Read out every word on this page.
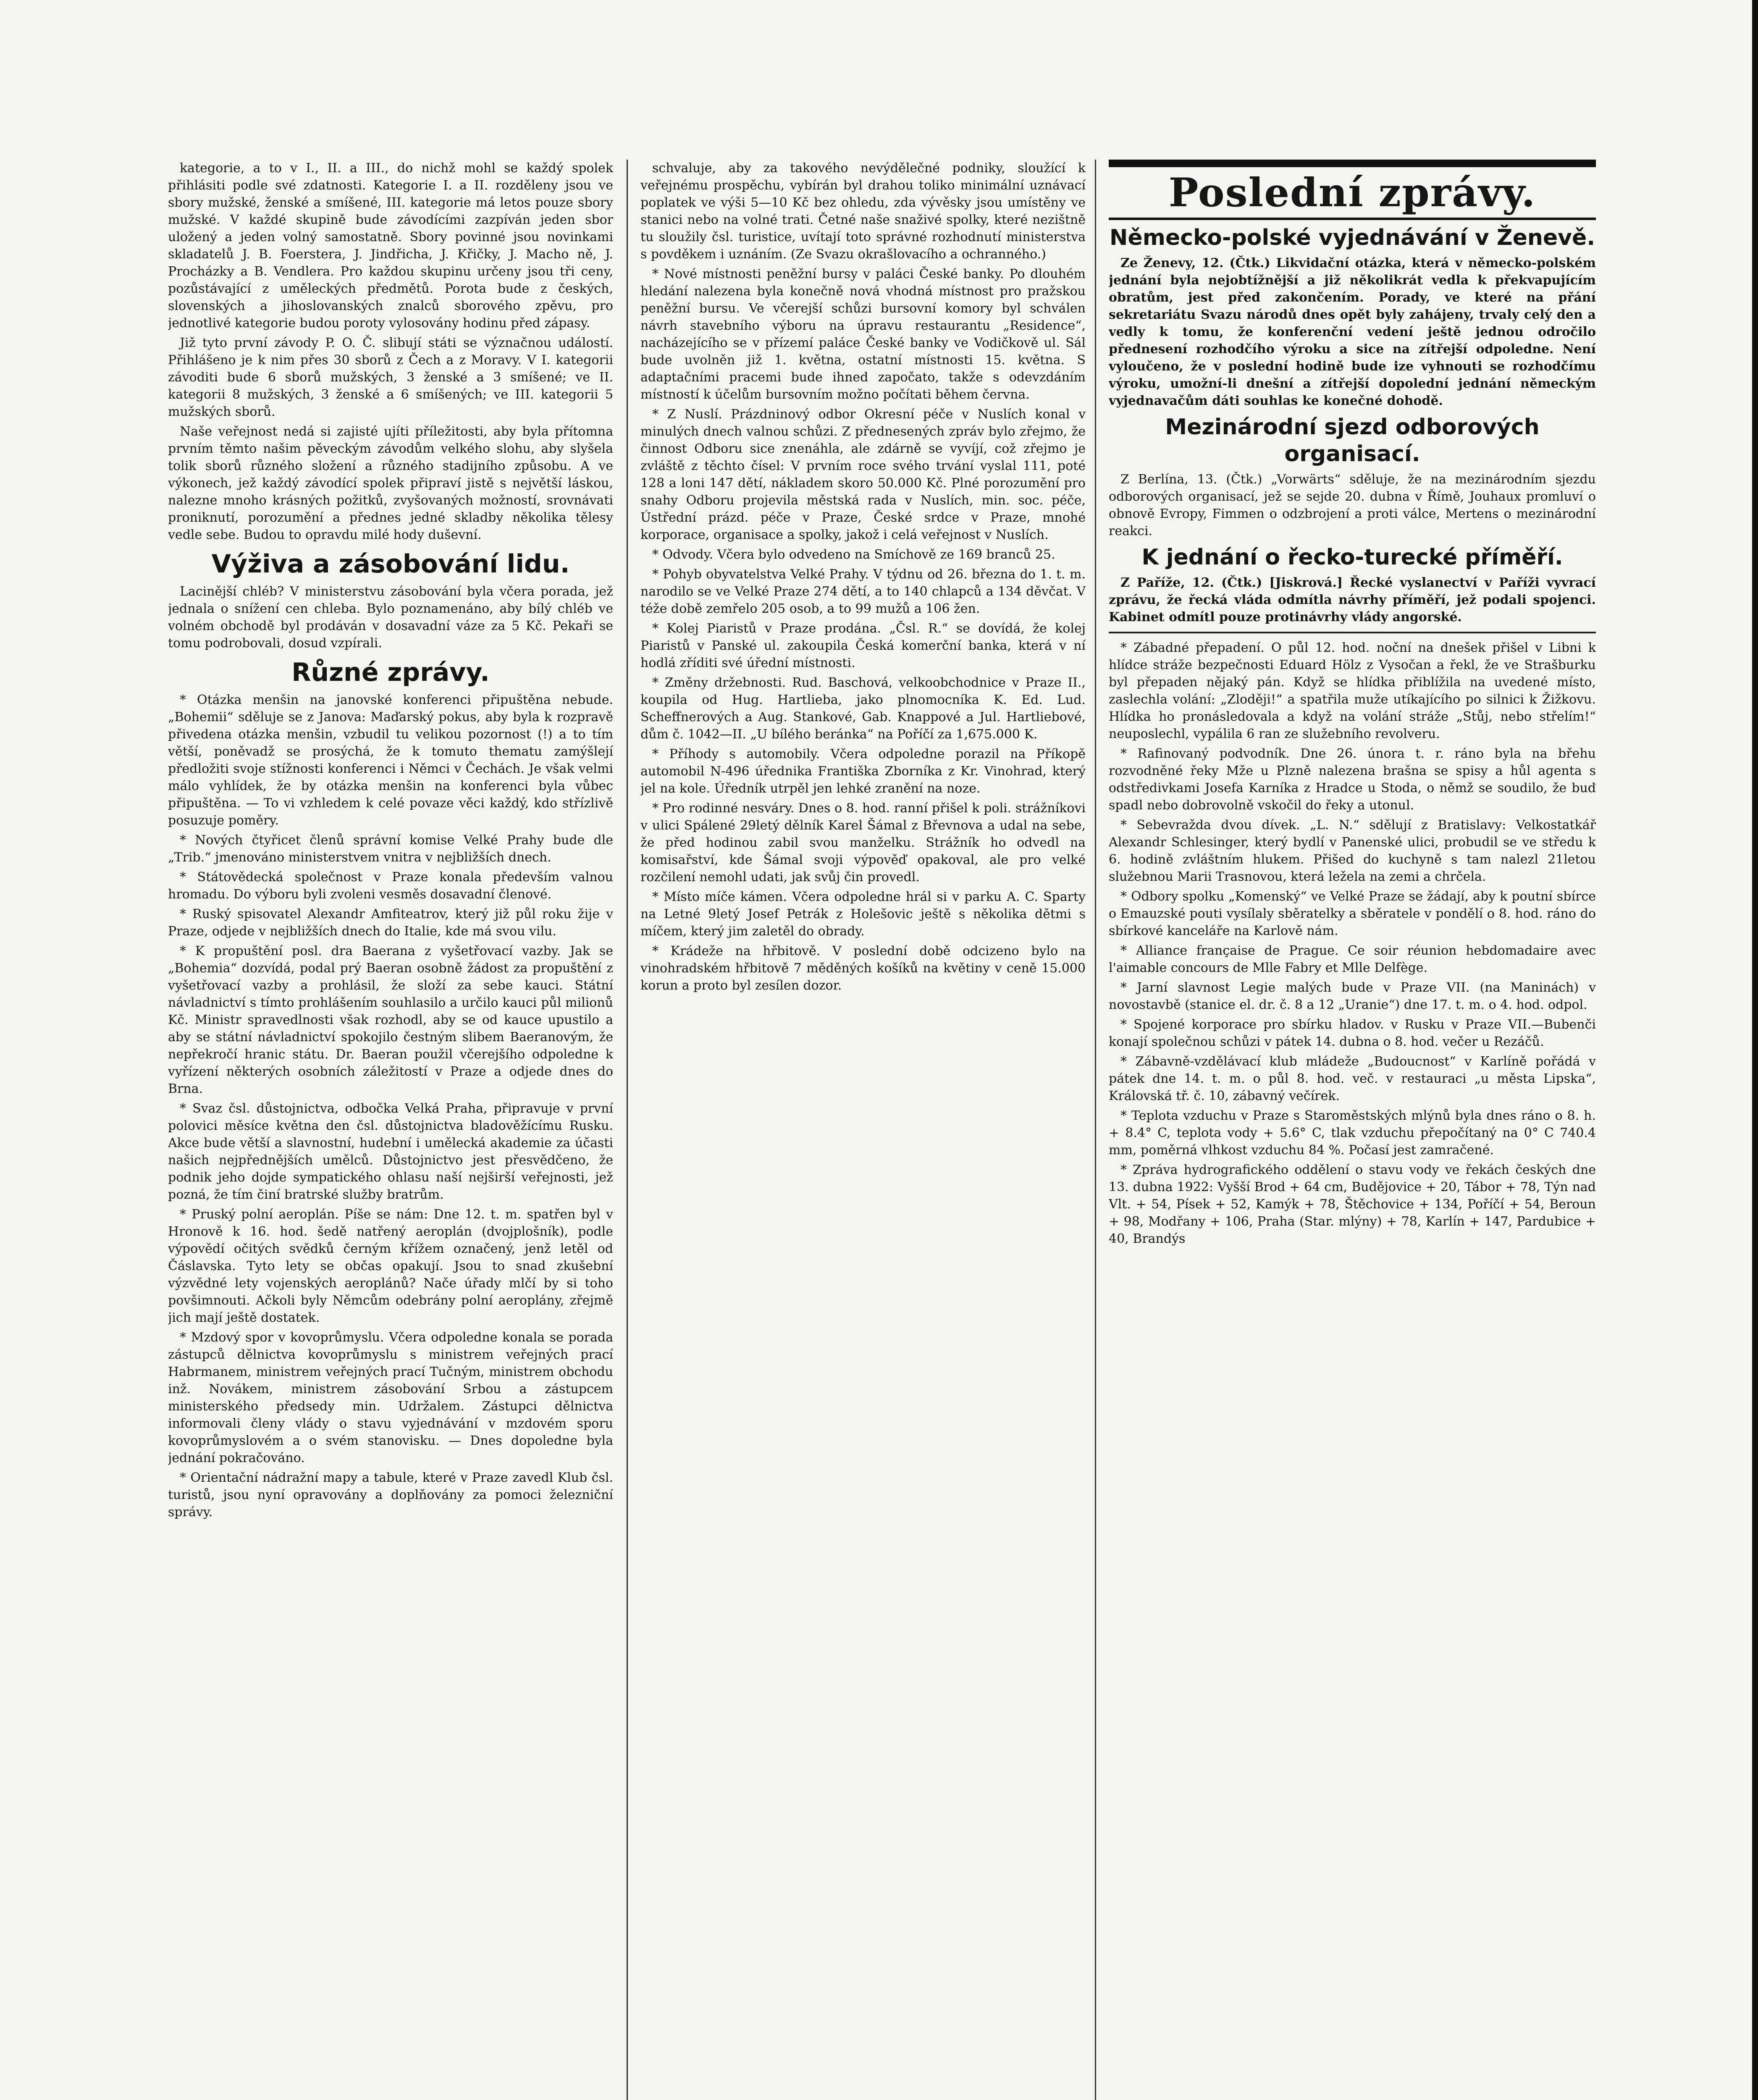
kategorie, a to v I., II. a III., do nichž mohl se každý spolek přihlásiti podle své zdatnosti. Kategorie I. a II. rozděleny jsou ve sbory mužské, ženské a smíšené, III. kategorie má letos pouze sbory mužské. V každé skupině bude závodícími zazpíván jeden sbor uložený a jeden volný samostatně. Sbory povinné jsou novinkami skladatelů J. B. Foerstera, J. Jindřicha, J. Křičky, J. Macho ně, J. Procházky a B. Vendlera. Pro každou skupinu určeny jsou tři ceny, pozůstávající z uměleckých předmětů. Porota bude z českých, slovenských a jihoslovanských znalců sborového zpěvu, pro jednotlivé kategorie budou poroty vylosovány hodinu před zápasy.

Již tyto první závody P. O. Č. slibují státi se význačnou událostí. Přihlášeno je k nim přes 30 sborů z Čech a z Moravy. V I. kategorii závoditi bude 6 sborů mužských, 3 ženské a 3 smíšené; ve II. kategorii 8 mužských, 3 ženské a 6 smíšených; ve III. kategorii 5 mužských sborů.

Naše veřejnost nedá si zajisté ujíti příležitosti, aby byla přítomna prvním těmto našim pěveckým závodům velkého slohu, aby slyšela tolik sborů různého složení a různého stadijního způsobu. A ve výkonech, jež každý závodící spolek připraví jistě s největší láskou, nalezne mnoho krásných požitků, zvyšovaných možností, srovnávati proniknutí, porozumění a přednes jedné skladby několika tělesy vedle sebe. Budou to opravdu milé hody duševní.

Výživa a zásobování lidu.

Lacinější chléb? V ministerstvu zásobování byla včera porada, jež jednala o snížení cen chleba. Bylo poznamenáno, aby bílý chléb ve volném obchodě byl prodáván v dosavadní váze za 5 Kč. Pekaři se tomu podrobovali, dosud vzpírali.

Různé zprávy.

* Otázka menšin na janovské konferenci připuštěna nebude. „Bohemii“ sděluje se z Janova: Maďarský pokus, aby byla k rozpravě přivedena otázka menšin, vzbudil tu velikou pozornost (!) a to tím větší, poněvadž se prosýchá, že k tomuto thematu zamýšlejí předložiti svoje stížnosti konferenci i Němci v Čechách. Je však velmi málo vyhlídek, že by otázka menšin na konferenci byla vůbec připuštěna. — To vi vzhledem k celé povaze věci každý, kdo střízlivě posuzuje poměry.

* Nových čtyřicet členů správní komise Velké Prahy bude dle „Trib.“ jmenováno ministerstvem vnitra v nejbližších dnech.

* Státovědecká společnost v Praze konala především valnou hromadu. Do výboru byli zvoleni vesměs dosavadní členové.

* Ruský spisovatel Alexandr Amfiteatrov, který již půl roku žije v Praze, odjede v nejbližších dnech do Italie, kde má svou vilu.

* K propuštění posl. dra Baerana z vyšetřovací vazby. Jak se „Bohemia“ dozvídá, podal prý Baeran osobně žádost za propuštění z vyšetřovací vazby a prohlásil, že složí za sebe kauci. Státní návladnictví s tímto prohlášením souhlasilo a určilo kauci půl milionů Kč. Ministr spravedlnosti však rozhodl, aby se od kauce upustilo a aby se státní návladnictví spokojilo čestným slibem Baeranovým, že nepřekročí hranic státu. Dr. Baeran použil včerejšího odpoledne k vyřízení některých osobních záležitostí v Praze a odjede dnes do Brna.

* Svaz čsl. důstojnictva, odbočka Velká Praha, připravuje v první polovici měsíce května den čsl. důstojnictva bladověžícímu Rusku. Akce bude větší a slavnostní, hudební i umělecká akademie za účasti našich nejpřednějších umělců. Důstojnictvo jest přesvědčeno, že podnik jeho dojde sympatického ohlasu naší nejširší veřejnosti, jež pozná, že tím činí bratrské služby bratrům.

* Pruský polní aeroplán. Píše se nám: Dne 12. t. m. spatřen byl v Hronově k 16. hod. šedě natřený aeroplán (dvojplošník), podle výpovědí očitých svědků černým křížem označený, jenž letěl od Čáslavska. Tyto lety se občas opakují. Jsou to snad zkušební výzvědné lety vojenských aeroplánů? Nače úřady mlčí by si toho povšimnouti. Ačkoli byly Němcům odebrány polní aeroplány, zřejmě jich mají ještě dostatek.

* Mzdový spor v kovoprůmyslu. Včera odpoledne konala se porada zástupců dělnictva kovoprůmyslu s ministrem veřejných prací Habrmanem, ministrem veřejných prací Tučným, ministrem obchodu inž. Novákem, ministrem zásobování Srbou a zástupcem ministerského předsedy min. Udržalem. Zástupci dělnictva informovali členy vlády o stavu vyjednávání v mzdovém sporu kovoprůmyslovém a o svém stanovisku. — Dnes dopoledne byla jednání pokračováno.

* Orientační nádražní mapy a tabule, které v Praze zavedl Klub čsl. turistů, jsou nyní opravovány a doplňovány za pomoci železniční správy.

schvaluje, aby za takového nevýdělečné podniky, sloužící k veřejnému prospěchu, vybírán byl drahou toliko minimální uznávací poplatek ve výši 5—10 Kč bez ohledu, zda vývěsky jsou umístěny ve stanici nebo na volné trati. Četné naše snaživé spolky, které nezištně tu sloužily čsl. turistice, uvítají toto správné rozhodnutí ministerstva s povděkem i uznáním. (Ze Svazu okrašlovacího a ochranného.)

* Nové místnosti peněžní bursy v paláci České banky. Po dlouhém hledání nalezena byla konečně nová vhodná místnost pro pražskou peněžní bursu. Ve včerejší schůzi bursovní komory byl schválen návrh stavebního výboru na úpravu restaurantu „Residence“, nacházejícího se v přízemí paláce České banky ve Vodičkově ul. Sál bude uvolněn již 1. května, ostatní místnosti 15. května. S adaptačními pracemi bude ihned započato, takže s odevzdáním místností k účelům bursovním možno počítati během června.

* Z Nuslí. Prázdninový odbor Okresní péče v Nuslích konal v minulých dnech valnou schůzi. Z přednesených zpráv bylo zřejmo, že činnost Odboru sice znenáhla, ale zdárně se vyvíjí, což zřejmo je zvláště z těchto čísel: V prvním roce svého trvání vyslal 111, poté 128 a loni 147 dětí, nákladem skoro 50.000 Kč. Plné porozumění pro snahy Odboru projevila městská rada v Nuslích, min. soc. péče, Ústřední prázd. péče v Praze, České srdce v Praze, mnohé korporace, organisace a spolky, jakož i celá veřejnost v Nuslích.

* Odvody. Včera bylo odvedeno na Smíchově ze 169 branců 25.

* Pohyb obyvatelstva Velké Prahy. V týdnu od 26. března do 1. t. m. narodilo se ve Velké Praze 274 dětí, a to 140 chlapců a 134 děvčat. V téže době zemřelo 205 osob, a to 99 mužů a 106 žen.

* Kolej Piaristů v Praze prodána. „Čsl. R.“ se dovídá, že kolej Piaristů v Panské ul. zakoupila Česká komerční banka, která v ní hodlá zříditi své úřední místnosti.

* Změny držebnosti. Rud. Baschová, velkoobchodnice v Praze II., koupila od Hug. Hartlieba, jako plnomocníka K. Ed. Lud. Scheffnerových a Aug. Stankové, Gab. Knappové a Jul. Hartliebové, dům č. 1042—II. „U bílého beránka“ na Poříčí za 1,675.000 K.

* Příhody s automobily. Včera odpoledne porazil na Příkopě automobil N-496 úřednika Františka Zborníka z Kr. Vinohrad, který jel na kole. Úředník utrpěl jen lehké zranění na noze.

* Pro rodinné nesváry. Dnes o 8. hod. ranní přišel k poli. strážníkovi v ulici Spálené 29letý dělník Karel Šámal z Břevnova a udal na sebe, že před hodinou zabil svou manželku. Strážník ho odvedl na komisařství, kde Šámal svoji výpověď opakoval, ale pro velké rozčilení nemohl udati, jak svůj čin provedl.

* Místo míče kámen. Včera odpoledne hrál si v parku A. C. Sparty na Letné 9letý Josef Petrák z Holešovic ještě s několika dětmi s míčem, který jim zaletěl do obrady.

* Krádeže na hřbitově. V poslední době odcizeno bylo na vinohradském hřbitově 7 měděných košíků na květiny v ceně 15.000 korun a proto byl zesílen dozor.

Poslední zprávy.
Německo-polské vyjednávání v Ženevě.

Ze Ženevy, 12. (Čtk.) Likvidační otázka, která v německo-polském jednání byla nejobtížnější a již několikrát vedla k překvapujícím obratům, jest před zakončením. Porady, ve které na přání sekretariátu Svazu národů dnes opět byly zahájeny, trvaly celý den a vedly k tomu, že konferenční vedení ještě jednou odročilo přednesení rozhodčího výroku a sice na zítřejší odpoledne. Není vyloučeno, že v poslední hodině bude ize vyhnouti se rozhodčímu výroku, umožní-li dnešní a zítřejší dopolední jednání německým vyjednavačům dáti souhlas ke konečné dohodě.

Mezinárodní sjezd odborových organisací.

Z Berlína, 13. (Čtk.) „Vorwärts“ sděluje, že na mezinárodním sjezdu odborových organisací, jež se sejde 20. dubna v Římě, Jouhaux promluví o obnově Evropy, Fimmen o odzbrojení a proti válce, Mertens o mezinárodní reakci.

K jednání o řecko-turecké příměří.

Z Paříže, 12. (Čtk.) [Jiskrová.] Řecké vyslanectví v Paříži vyvrací zprávu, že řecká vláda odmítla návrhy příměří, jež podali spojenci. Kabinet odmítl pouze protinávrhy vlády angorské.

* Zábadné přepadení. O půl 12. hod. noční na dnešek přišel v Libni k hlídce stráže bezpečnosti Eduard Hölz z Vysočan a řekl, že ve Strašburku byl přepaden nějaký pán. Když se hlídka přiblížila na uvedené místo, zaslechla volání: „Zloději!“ a spatřila muže utíkajícího po silnici k Žižkovu. Hlídka ho pronásledovala a když na volání stráže „Stůj, nebo střelím!“ neuposlechl, vypálila 6 ran ze služebního revolveru.

* Rafinovaný podvodník. Dne 26. února t. r. ráno byla na břehu rozvodněné řeky Mže u Plzně nalezena brašna se spisy a hůl agenta s odstředivkami Josefa Karníka z Hradce u Stoda, o němž se soudilo, že buď spadl nebo dobrovolně vskočil do řeky a utonul.

* Sebevražda dvou dívek. „L. N.“ sdělují z Bratislavy: Velkostatkář Alexandr Schlesinger, který bydlí v Panenské ulici, probudil se ve středu k 6. hodině zvláštním hlukem. Přišed do kuchyně s tam nalezl 21letou služebnou Marii Trasnovou, která ležela na zemi a chrčela.

* Odbory spolku „Komenský“ ve Velké Praze se žádají, aby k poutní sbírce o Emauzské pouti vysílaly sběratelky a sběratele v pondělí o 8. hod. ráno do sbírkové kanceláře na Karlově nám.

* Alliance française de Prague. Ce soir réunion hebdomadaire avec l'aimable concours de Mlle Fabry et Mlle Delfège.

* Jarní slavnost Legie malých bude v Praze VII. (na Maninách) v novostavbě (stanice el. dr. č. 8 a 12 „Uranie“) dne 17. t. m. o 4. hod. odpol.

* Spojené korporace pro sbírku hladov. v Rusku v Praze VII.—Bubenči konají společnou schůzi v pátek 14. dubna o 8. hod. večer u Rezáčů.

* Zábavně-vzdělávací klub mládeže „Budoucnost“ v Karlíně pořádá v pátek dne 14. t. m. o půl 8. hod. več. v restauraci „u města Lipska“, Královská tř. č. 10, zábavný večírek.

* Teplota vzduchu v Praze s Staroměstských mlýnů byla dnes ráno o 8. h. + 8.4° C, teplota vody + 5.6° C, tlak vzduchu přepočítaný na 0° C 740.4 mm, poměrná vlhkost vzduchu 84 %. Počasí jest zamračené.

* Zpráva hydrografického oddělení o stavu vody ve řekách českých dne 13. dubna 1922: Vyšší Brod + 64 cm, Budějovice + 20, Tábor + 78, Týn nad Vlt. + 54, Písek + 52, Kamýk + 78, Štěchovice + 134, Poříčí + 54, Beroun + 98, Modřany + 106, Praha (Star. mlýny) + 78, Karlín + 147, Pardubice + 40, Brandýs
